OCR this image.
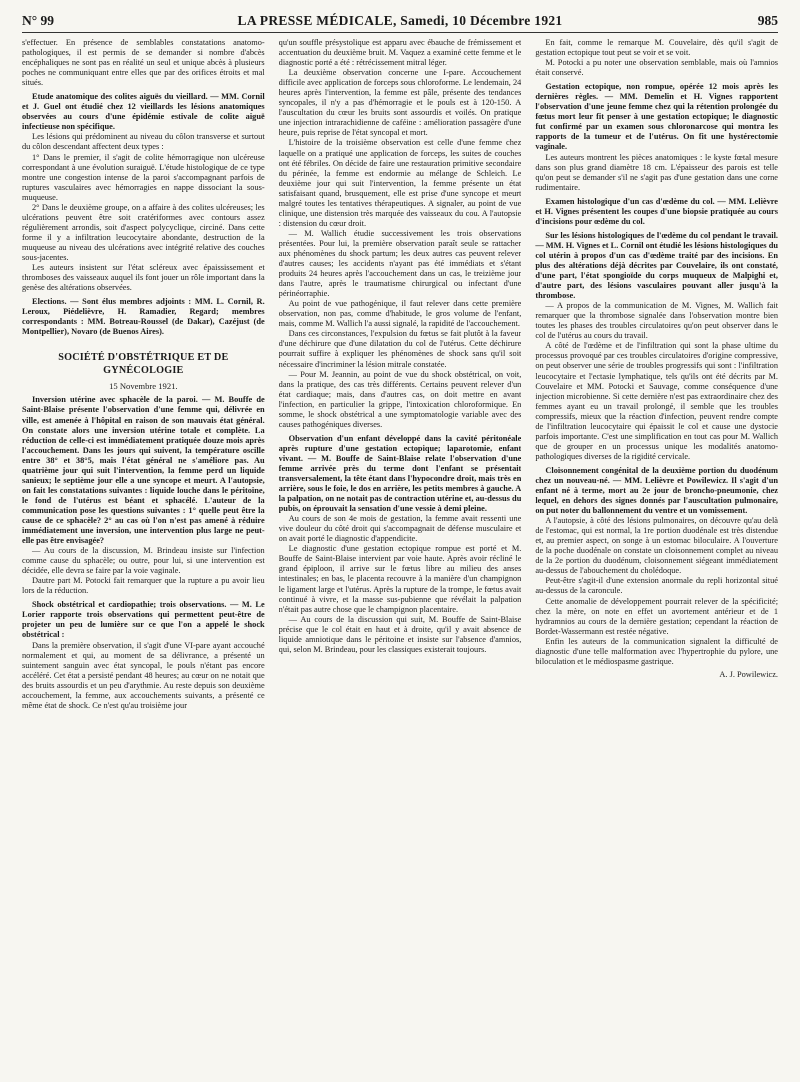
N° 99	LA PRESSE MÉDICALE, Samedi, 10 Décembre 1921	985

s'effectuer. En présence de semblables constatations anatomo-pathologiques, il est permis de se demander si nombre d'abcès encéphaliques ne sont pas en réalité un seul et unique abcès à plusieurs poches ne communiquant entre elles que par des orifices étroits et mal situés.

Etude anatomique des colites aiguës du vieillard. — MM. Cornil et J. Guel ont étudié chez 12 vieillards les lésions anatomiques observées au cours d'une épidémie estivale de colite aiguë infectieuse non spécifique.

Les lésions qui prédominent au niveau du côlon transverse et surtout du côlon descendant affectent deux types :

1° Dans le premier, il s'agit de colite hémorragique non ulcéreuse correspondant à une évolution suraiguë. L'étude histologique de ce type montre une congestion intense de la paroi s'accompagnant parfois de ruptures vasculaires avec hémorragies en nappe dissociant la sous-muqueuse.

2° Dans le deuxième groupe, on a affaire à des colites ulcéreuses; les ulcérations peuvent être soit cratériformes avec contours assez régulièrement arrondis, soit d'aspect polycyclique, circiné. Dans cette forme il y a infiltration leucocytaire abondante, destruction de la muqueuse au niveau des ulcérations avec intégrité relative des couches sous-jacentes.

Les auteurs insistent sur l'état scléreux avec épaississement et thromboses des vaisseaux auquel ils font jouer un rôle important dans la genèse des altérations observées.

Elections. — Sont élus membres adjoints : MM. L. Cornil, R. Leroux, Piédelièvre, H. Ramadier, Regard; membres correspondants : MM. Botreau-Roussel (de Dakar), Cazéjust (de Montpellier), Novaro (de Buenos Aires).

SOCIÉTÉ D'OBSTÉTRIQUE ET DE GYNÉCOLOGIE
15 Novembre 1921.

Inversion utérine avec sphacèle de la paroi. — M. Bouffe de Saint-Blaise présente l'observation d'une femme qui, délivrée en ville, est amenée à l'hôpital en raison de son mauvais état général. On constate alors une inversion utérine totale et complète. La réduction de celle-ci est immédiatement pratiquée douze mois après l'accouchement. Dans les jours qui suivent, la température oscille entre 38° et 38°5, mais l'état général ne s'améliore pas. Au quatrième jour qui suit l'intervention, la femme perd un liquide sanieux; le septième jour elle a une syncope et meurt. A l'autopsie, on fait les constatations suivantes : liquide louche dans le péritoine, le fond de l'utérus est béant et sphacélé. L'auteur de la communication pose les questions suivantes : 1° quelle peut être la cause de ce sphacèle? 2° au cas où l'on n'est pas amené à réduire immédiatement une inversion, une intervention plus large ne peut-elle pas être envisagée?

— Au cours de la discussion, M. Brindeau insiste sur l'infection comme cause du sphacèle; ou outre, pour lui, si une intervention est décidée, elle devra se faire par la voie vaginale.

Dautre part M. Potocki fait remarquer que la rupture a pu avoir lieu lors de la réduction.

Shock obstétrical et cardiopathie; trois observations. — M. Le Lorier rapporte trois observations qui permettent peut-être de projeter un peu de lumière sur ce que l'on a appelé le shock obstétrical :

Dans la première observation, il s'agit d'une VI-pare ayant accouché normalement et qui, au moment de sa délivrance, a présenté un suintement sanguin avec état syncopal, le pouls n'étant pas encore accéléré. Cet état a persisté pendant 48 heures; au cœur on ne notait que des bruits assourdis et un peu d'arythmie. Au reste depuis son deuxième accouchement, la femme, aux accouchements suivants, a présenté ce même état de shock. Ce n'est qu'au troisième jour

qu'un souffle présystolique est apparu avec ébauche de frémissement et accentuation du deuxième bruit. M. Vaquez a examiné cette femme et le diagnostic porté a été : rétrécissement mitral léger.

La deuxième observation concerne une I-pare. Accouchement difficile avec application de forceps sous chloroforme. Le lendemain, 24 heures après l'intervention, la femme est pâle, présente des tendances syncopales, il n'y a pas d'hémorragie et le pouls est à 120-150. A l'auscultation du cœur les bruits sont assourdis et voilés. On pratique une injection intrarachidienne de caféine : amélioration passagère d'une heure, puis reprise de l'état syncopal et mort.

L'histoire de la troisième observation est celle d'une femme chez laquelle on a pratiqué une application de forceps, les suites de couches ont été fébriles. On décide de faire une restauration primitive secondaire du périnée, la femme est endormie au mélange de Schleich. Le deuxième jour qui suit l'intervention, la femme présente un état satisfaisant quand, brusquement, elle est prise d'une syncope et meurt malgré toutes les tentatives thérapeutiques. A signaler, au point de vue clinique, une distension très marquée des vaisseaux du cou. A l'autopsie : distension du cœur droit.

— M. Wallich étudie successivement les trois observations présentées. Pour lui, la première observation paraît seule se rattacher aux phénomènes du shock partum; les deux autres cas peuvent relever d'autres causes; les accidents n'ayant pas été immédiats et s'étant produits 24 heures après l'accouchement dans un cas, le treizième jour dans l'autre, après le traumatisme chirurgical ou infectant d'une périnéorraphie.

Au point de vue pathogénique, il faut relever dans cette première observation, non pas, comme d'habitude, le gros volume de l'enfant, mais, comme M. Wallich l'a aussi signalé, la rapidité de l'accouchement.

Dans ces circonstances, l'expulsion du fœtus se fait plutôt à la faveur d'une déchirure que d'une dilatation du col de l'utérus. Cette déchirure pourrait suffire à expliquer les phénomènes de shock sans qu'il soit nécessaire d'incriminer la lésion mitrale constatée.

— Pour M. Jeannin, au point de vue du shock obstétrical, on voit, dans la pratique, des cas très différents. Certains peuvent relever d'un état cardiaque; mais, dans d'autres cas, on doit mettre en avant l'infection, en particulier la grippe, l'intoxication chloroformique. En somme, le shock obstétrical a une symptomatologie variable avec des causes pathogéniques diverses.

Observation d'un enfant développé dans la cavité péritonéale après rupture d'une gestation ectopique; laparotomie, enfant vivant. — M. Bouffe de Saint-Blaise relate l'observation d'une femme arrivée près du terme dont l'enfant se présentait transversalement, la tête étant dans l'hypocondre droit, mais très en arrière, sous le foie, le dos en arrière, les petits membres à gauche. A la palpation, on ne notait pas de contraction utérine et, au-dessus du pubis, on éprouvait la sensation d'une vessie à demi pleine.

Au cours de son 4e mois de gestation, la femme avait ressenti une vive douleur du côté droit qui s'accompagnait de défense musculaire et on avait porté le diagnostic d'appendicite.

Le diagnostic d'une gestation ectopique rompue est porté et M. Bouffe de Saint-Blaise intervient par voie haute. Après avoir récliné le grand épiploon, il arrive sur le fœtus libre au milieu des anses intestinales; en bas, le placenta recouvre à la manière d'un champignon le ligament large et l'utérus. Après la rupture de la trompe, le fœtus avait continué à vivre, et la masse sus-pubienne que révélait la palpation n'était pas autre chose que le champignon placentaire.

— Au cours de la discussion qui suit, M. Bouffe de Saint-Blaise précise que le col était en haut et à droite, qu'il y avait absence de liquide amniotique dans le péritoine et insiste sur l'absence d'amnios, qui, selon M. Brindeau, pour les classiques existerait toujours.

En fait, comme le remarque M. Couvelaire, dès qu'il s'agit de gestation ectopique tout peut se voir et se voit.

M. Potocki a pu noter une observation semblable, mais où l'amnios était conservé.

Gestation ectopique, non rompue, opérée 12 mois après les dernières règles. — MM. Demelin et H. Vignes rapportent l'observation d'une jeune femme chez qui la rétention prolongée du fœtus mort leur fit penser à une gestation ectopique; le diagnostic fut confirmé par un examen sous chloronarcose qui montra les rapports de la tumeur et de l'utérus. On fit une hystérectomie vaginale.

Les auteurs montrent les pièces anatomiques : le kyste fœtal mesure dans son plus grand diamètre 18 cm. L'épaisseur des parois est telle qu'on peut se demander s'il ne s'agit pas d'une gestation dans une corne rudimentaire.

Examen histologique d'un cas d'œdème du col. — MM. Lelièvre et H. Vignes présentent les coupes d'une biopsie pratiquée au cours d'incisions pour œdème du col.

Sur les lésions histologiques de l'œdème du col pendant le travail. — MM. H. Vignes et L. Cornil ont étudié les lésions histologiques du col utérin à propos d'un cas d'œdème traité par des incisions. En plus des altérations déjà décrites par Couvelaire, ils ont constaté, d'une part, l'état spongioïde du corps muqueux de Malpighi et, d'autre part, des lésions vasculaires pouvant aller jusqu'à la thrombose.

— A propos de la communication de M. Vignes, M. Wallich fait remarquer que la thrombose signalée dans l'observation montre bien toutes les phases des troubles circulatoires qu'on peut observer dans le col de l'utérus au cours du travail.

A côté de l'œdème et de l'infiltration qui sont la phase ultime du processus provoqué par ces troubles circulatoires d'origine compressive, on peut observer une série de troubles progressifs qui sont : l'infiltration leucocytaire et l'ectasie lymphatique, tels qu'ils ont été décrits par M. Couvelaire et MM. Potocki et Sauvage, comme conséquence d'une injection microbienne. Si cette dernière n'est pas extraordinaire chez des femmes ayant eu un travail prolongé, il semble que les troubles compressifs, mieux que la réaction d'infection, peuvent rendre compte de l'infiltration leucocytaire qui épaissit le col et cause une dystocie parfois importante. C'est une simplification en tout cas pour M. Wallich que de grouper en un processus unique les modalités anatomo-pathologiques diverses de la rigidité cervicale.

Cloisonnement congénital de la deuxième portion du duodénum chez un nouveau-né. — MM. Lelièvre et Powilewicz. Il s'agit d'un enfant né à terme, mort au 2e jour de broncho-pneumonie, chez lequel, en dehors des signes donnés par l'auscultation pulmonaire, on put noter du ballonnement du ventre et un vomissement.

A l'autopsie, à côté des lésions pulmonaires, on découvre qu'au delà de l'estomac, qui est normal, la 1re portion duodénale est très distendue et, au premier aspect, on songe à un estomac biloculaire. A l'ouverture de la poche duodénale on constate un cloisonnement complet au niveau de la 2e portion du duodénum, cloisonnement siégeant immédiatement au-dessus de l'abouchement du cholédoque.

Peut-être s'agit-il d'une extension anormale du repli horizontal situé au-dessus de la caroncule.

Cette anomalie de développement pourrait relever de la spécificité; chez la mère, on note en effet un avortement antérieur et de 1 hydramnios au cours de la dernière gestation; cependant la réaction de Bordet-Wassermann est restée négative.

Enfin les auteurs de la communication signalent la difficulté de diagnostic d'une telle malformation avec l'hypertrophie du pylore, une biloculation et le médiospasme gastrique.

A. J. Powilewicz.
